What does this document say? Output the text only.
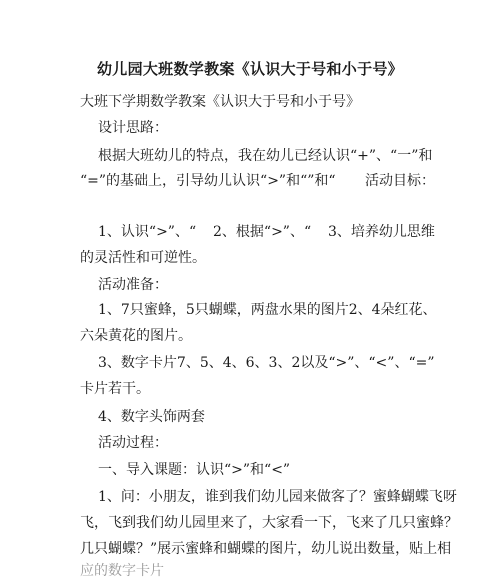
幼儿园大班数学教案《认识大于号和小于号》
大班下学期数学教案《认识大于号和小于号》
设计思路：
根据大班幼儿的特点，我在幼儿已经认识“+”、“一”和
“=”的基础上，引导幼儿认识“>”和“”和“ 活动目标：
1、认识“>”、“ 2、根据“>”、“ 3、培养幼儿思维
的灵活性和可逆性。
活动准备：
1、7只蜜蜂，5只蝴蝶，两盘水果的图片2、4朵红花、
六朵黄花的图片。
3、数字卡片7、5、4、6、3、2以及“>”、“<”、“=”
卡片若干。
4、数字头饰两套
活动过程：
一、导入课题：认识“>”和“<”
1、问：小朋友，谁到我们幼儿园来做客了？蜜蜂蝴蝶飞呀
飞，飞到我们幼儿园里来了，大家看一下，飞来了几只蜜蜂？
几只蝴蝶？”展示蜜蜂和蝴蝶的图片，幼儿说出数量，贴上相
应的数字卡片
